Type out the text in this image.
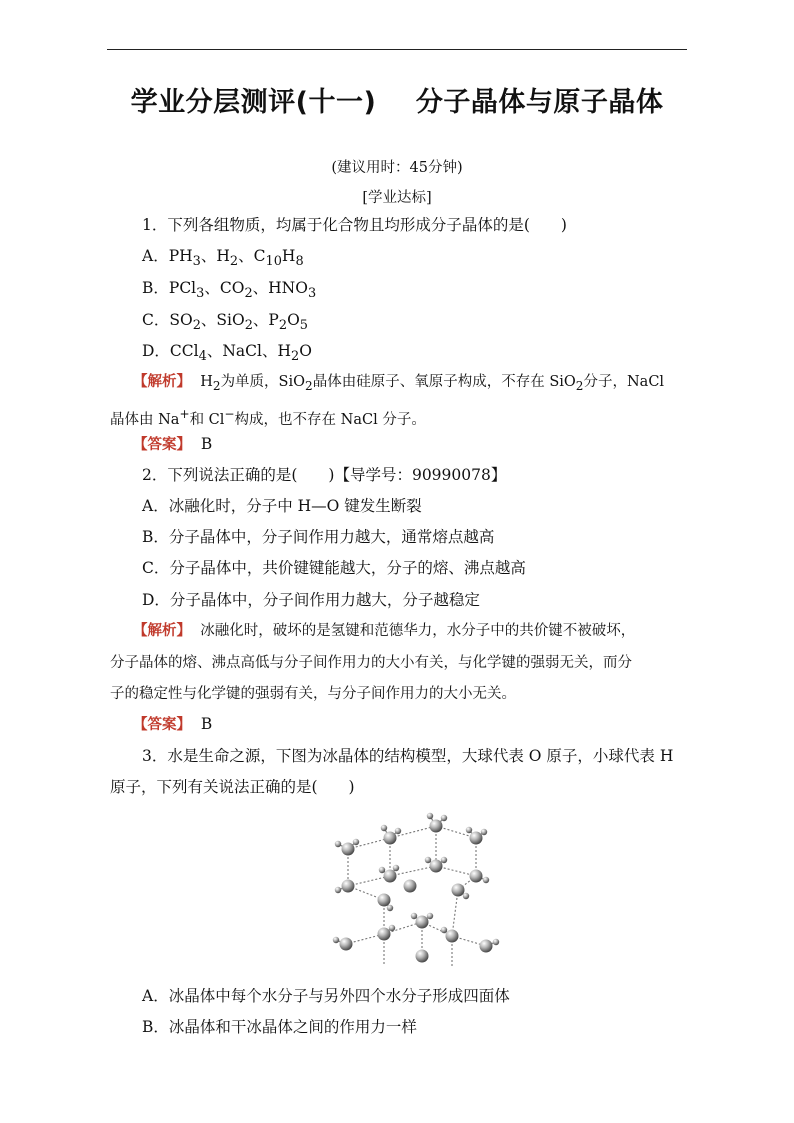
学业分层测评(十一)    分子晶体与原子晶体
(建议用时：45分钟)
[学业达标]
1．下列各组物质，均属于化合物且均形成分子晶体的是(　　)
A．$PH_3$、$H_2$、$C_{10}H_8$
B．PCl$_3$、$CO_2$、$HNO_3$
C．$SO_2$、SiO$_2$、$P_2O_5$
D．CCl$_4$、NaCl、$H_2O$
【解析】 $H_2$为单质，SiO$_2$晶体由硅原子、氧原子构成，不存在 SiO$_2$分子，NaCl
晶体由 Na+和 Cl−构成，也不存在 NaCl 分子。
【答案】 B
2．下列说法正确的是(　　)【导学号：90990078】
A．冰融化时，分子中 H—O 键发生断裂
B．分子晶体中，分子间作用力越大，通常熔点越高
C．分子晶体中，共价键键能越大，分子的熔、沸点越高
D．分子晶体中，分子间作用力越大，分子越稳定
【解析】 冰融化时，破坏的是氢键和范德华力，水分子中的共价键不被破坏，
分子晶体的熔、沸点高低与分子间作用力的大小有关，与化学键的强弱无关，而分
子的稳定性与化学键的强弱有关，与分子间作用力的大小无关。
【答案】 B
3．水是生命之源，下图为冰晶体的结构模型，大球代表 O 原子，小球代表 H
原子，下列有关说法正确的是(　　)
A．冰晶体中每个水分子与另外四个水分子形成四面体
B．冰晶体和干冰晶体之间的作用力一样
